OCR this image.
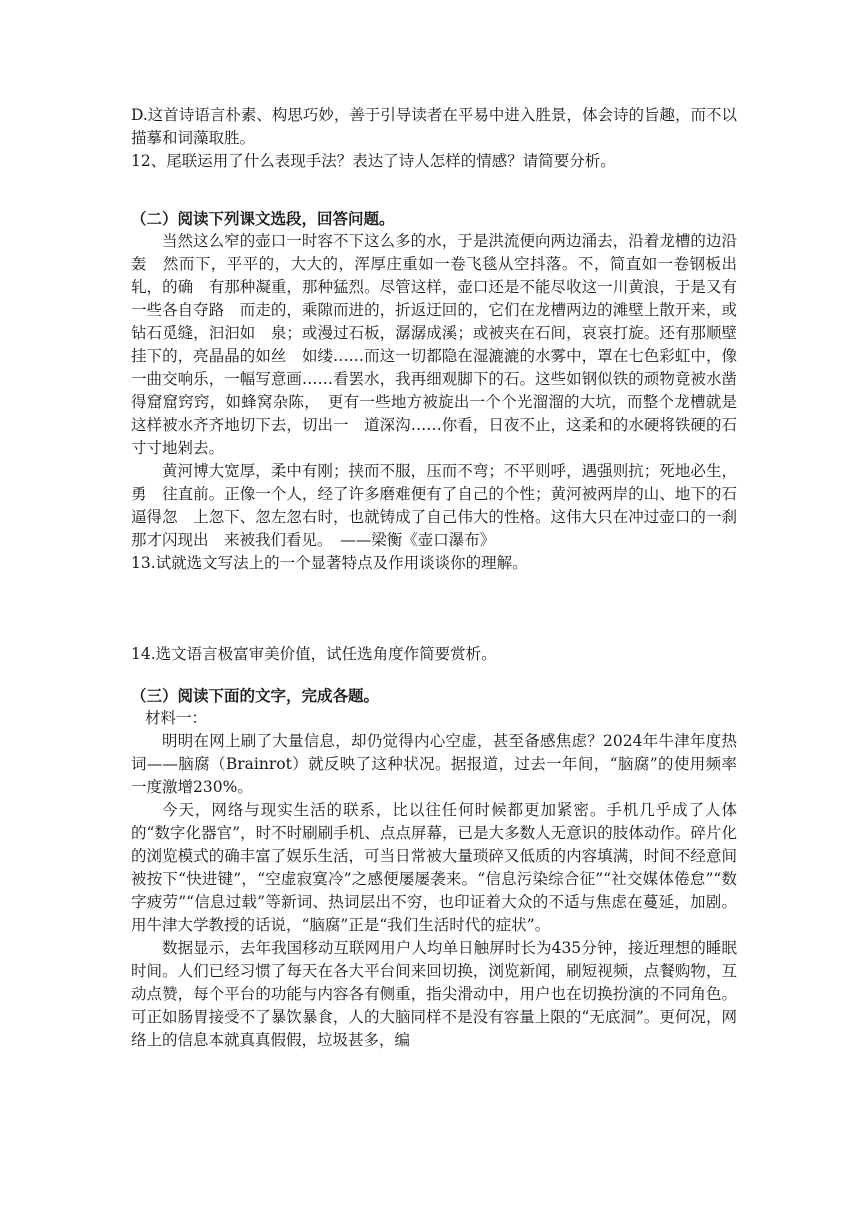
D.这首诗语言朴素、构思巧妙，善于引导读者在平易中进入胜景，体会诗的旨趣，而不以描摹和词藻取胜。

12、尾联运用了什么表现手法？表达了诗人怎样的情感？请简要分析。

（二）阅读下列课文选段，回答问题。

当然这么窄的壶口一时容不下这么多的水，于是洪流便向两边涌去，沿着龙槽的边沿轰　然而下，平平的，大大的，浑厚庄重如一卷飞毯从空抖落。不，简直如一卷钢板出轧，的确　有那种凝重，那种猛烈。尽管这样，壶口还是不能尽收这一川黄浪，于是又有一些各自夺路　而走的，乘隙而进的，折返迂回的，它们在龙槽两边的滩壁上散开来，或钻石觅缝，汩汩如　泉；或漫过石板，潺潺成溪；或被夹在石间，哀哀打旋。还有那顺壁挂下的，亮晶晶的如丝　如缕……而这一切都隐在湿漉漉的水雾中，罩在七色彩虹中，像一曲交响乐，一幅写意画……看罢水，我再细观脚下的石。这些如钢似铁的顽物竟被水凿得窟窟窍窍，如蜂窝杂陈，　更有一些地方被旋出一个个光溜溜的大坑，而整个龙槽就是这样被水齐齐地切下去，切出一　道深沟……你看，日夜不止，这柔和的水硬将铁硬的石寸寸地剁去。

黄河博大宽厚，柔中有刚；挟而不服，压而不弯；不平则呼，遇强则抗；死地必生，勇　往直前。正像一个人，经了许多磨难便有了自己的个性；黄河被两岸的山、地下的石逼得忽　上忽下、忽左忽右时，也就铸成了自己伟大的性格。这伟大只在冲过壶口的一刹那才闪现出　来被我们看见。　——梁衡《壶口瀑布》

13.试就选文写法上的一个显著特点及作用谈谈你的理解。

14.选文语言极富审美价值，试任选角度作简要赏析。

（三）阅读下面的文字，完成各题。

材料一：

明明在网上刷了大量信息，却仍觉得内心空虚，甚至备感焦虑？2024年牛津年度热词——脑腐（Brainrot）就反映了这种状况。据报道，过去一年间，“脑腐”的使用频率一度激增230%。

今天，网络与现实生活的联系，比以往任何时候都更加紧密。手机几乎成了人体的“数字化器官”，时不时刷刷手机、点点屏幕，已是大多数人无意识的肢体动作。碎片化的浏览模式的确丰富了娱乐生活，可当日常被大量琐碎又低质的内容填满，时间不经意间被按下“快进键”，“空虚寂寞冷”之感便屡屡袭来。“信息污染综合征”“社交媒体倦怠”“数字疲劳”“信息过载”等新词、热词层出不穷，也印证着大众的不适与焦虑在蔓延，加剧。用牛津大学教授的话说，“脑腐”正是“我们生活时代的症状”。

数据显示，去年我国移动互联网用户人均单日触屏时长为435分钟，接近理想的睡眠时间。人们已经习惯了每天在各大平台间来回切换，浏览新闻，刷短视频，点餐购物，互动点赞，每个平台的功能与内容各有侧重，指尖滑动中，用户也在切换扮演的不同角色。可正如肠胃接受不了暴饮暴食，人的大脑同样不是没有容量上限的“无底洞”。更何况，网络上的信息本就真真假假，垃圾甚多，编
